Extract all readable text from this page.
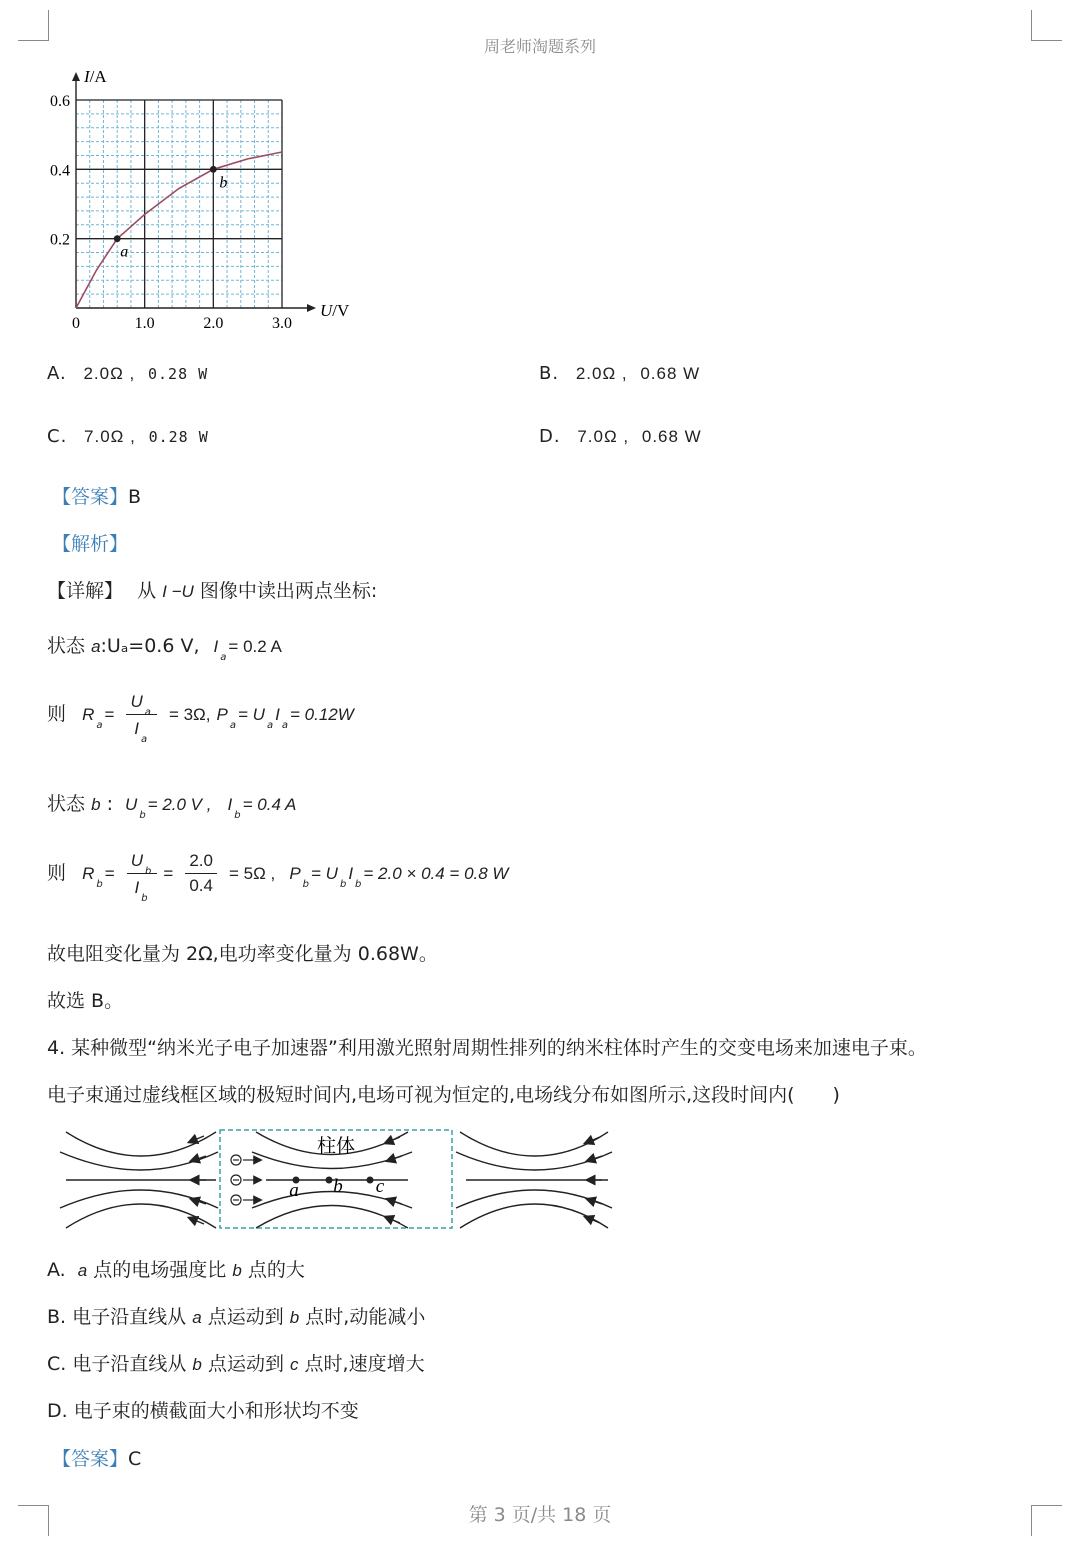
周老师淘题系列
I/A
U/V
0	1.0	2.0	3.0
0.2
0.4
0.6
a
b
A. 2.0Ω , 0.28 W	B. 2.0Ω , 0.68 W
C. 7.0Ω , 0.28 W	D. 7.0Ω , 0.68 W
【答案】B
【解析】
【详解】 从 I −U 图像中读出两点坐标:
状态 a:Uₐ=0.6 V, $I_a= 0.2$ A
则 $R_a= \frac{U_a}{I_a} = 3\Omega$, $P_a= U_aI_a= 0.12W$
状态 b : $U_b= 2.0$ V , $I_b= 0.4$ A
则 $R_b= \frac{U_b}{I_b} = \frac{2.0}{0.4} = 5\Omega$ , $P_b= U_bI_b= 2.0 \times 0.4 = 0.8$ W
故电阻变化量为 2Ω,电功率变化量为 0.68W。
故选 B。
4. 某种微型“纳米光子电子加速器”利用激光照射周期性排列的纳米柱体时产生的交变电场来加速电子束。
电子束通过虚线框区域的极短时间内,电场可视为恒定的,电场线分布如图所示,这段时间内(　　)
a b c
柱体
A. a 点的电场强度比 b 点的大
B. 电子沿直线从 a 点运动到 b 点时,动能减小
C. 电子沿直线从 b 点运动到 c 点时,速度增大
D. 电子束的横截面大小和形状均不变
【答案】C
第 3 页/共 18 页
